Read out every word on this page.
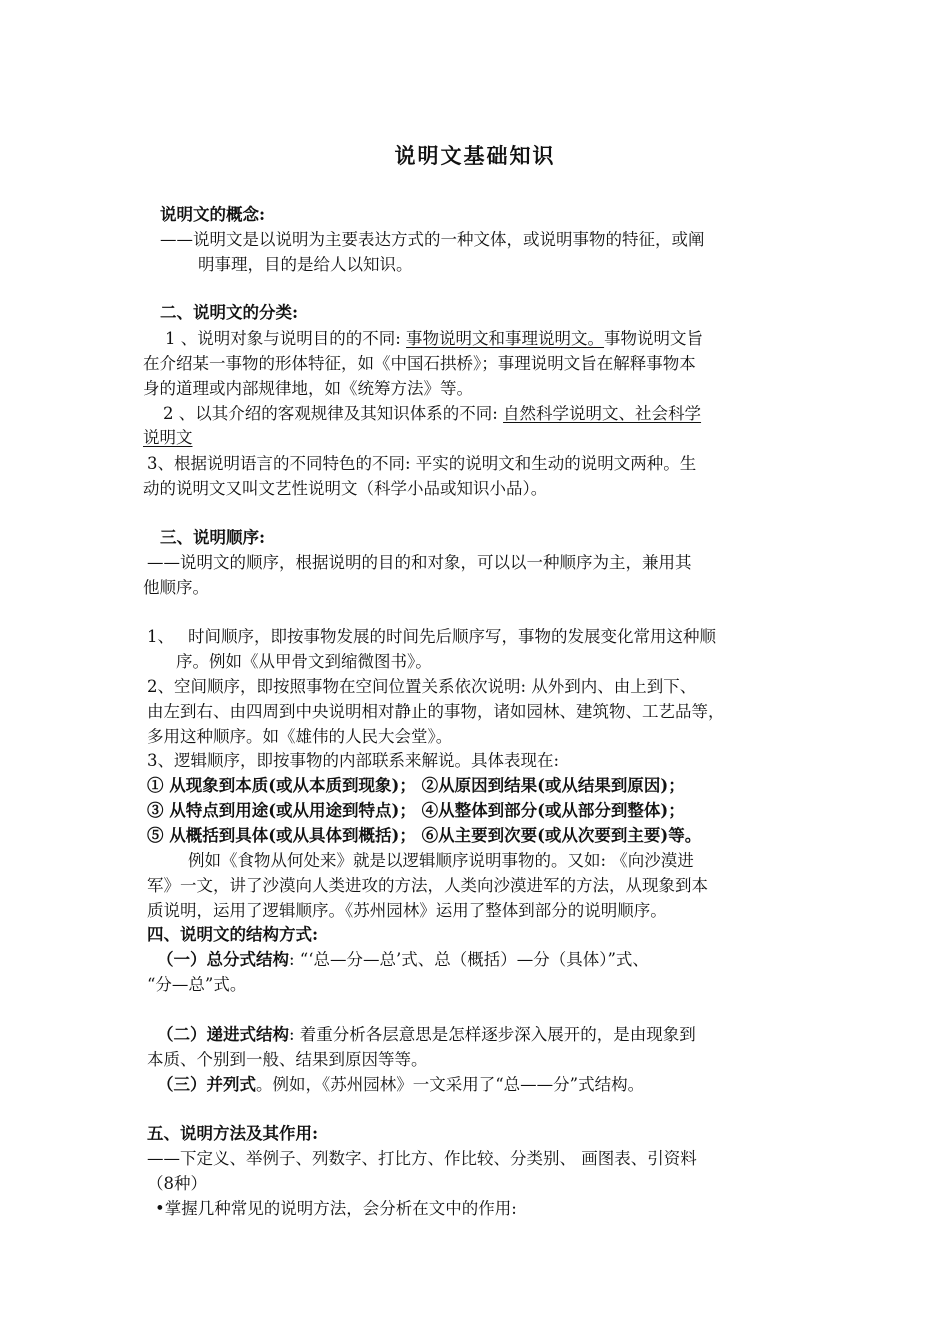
说明文基础知识
说明文的概念:
——说明文是以说明为主要表达方式的一种文体，或说明事物的特征，或阐
明事理，目的是给人以知识。
二、说明文的分类:
1 、说明对象与说明目的的不同: 事物说明文和事理说明文。事物说明文旨
在介绍某一事物的形体特征，如《中国石拱桥》；事理说明文旨在解释事物本
身的道理或内部规律地，如《统筹方法》等。
2 、以其介绍的客观规律及其知识体系的不同: 自然科学说明文、社会科学
说明文
3、根据说明语言的不同特色的不同: 平实的说明文和生动的说明文两种。生
动的说明文又叫文艺性说明文（科学小品或知识小品）。
三、说明顺序:
——说明文的顺序，根据说明的目的和对象，可以以一种顺序为主，兼用其
他顺序。
1、 时间顺序，即按事物发展的时间先后顺序写，事物的发展变化常用这种顺
序。例如《从甲骨文到缩微图书》。
2、空间顺序，即按照事物在空间位置关系依次说明: 从外到内、由上到下、
由左到右、由四周到中央说明相对静止的事物，诸如园林、建筑物、工艺品等，
多用这种顺序。如《雄伟的人民大会堂》。
3、逻辑顺序，即按事物的内部联系来解说。具体表现在:
① 从现象到本质(或从本质到现象)； ②从原因到结果(或从结果到原因)；
③ 从特点到用途(或从用途到特点)； ④从整体到部分(或从部分到整体)；
⑤ 从概括到具体(或从具体到概括)； ⑥从主要到次要(或从次要到主要)等。
例如《食物从何处来》就是以逻辑顺序说明事物的。又如: 《向沙漠进
军》一文，讲了沙漠向人类进攻的方法，人类向沙漠进军的方法，从现象到本
质说明，运用了逻辑顺序。《苏州园林》运用了整体到部分的说明顺序。
四、说明文的结构方式:
（一）总分式结构: “‘总—分—总’式、总（概括）—分（具体）”式、
“分—总”式。
（二）递进式结构: 着重分析各层意思是怎样逐步深入展开的，是由现象到
本质、个别到一般、结果到原因等等。
（三）并列式。例如，《苏州园林》一文采用了“总——分”式结构。
五、说明方法及其作用:
——下定义、举例子、列数字、打比方、作比较、分类别、 画图表、引资料
（8种）
•掌握几种常见的说明方法，会分析在文中的作用:
